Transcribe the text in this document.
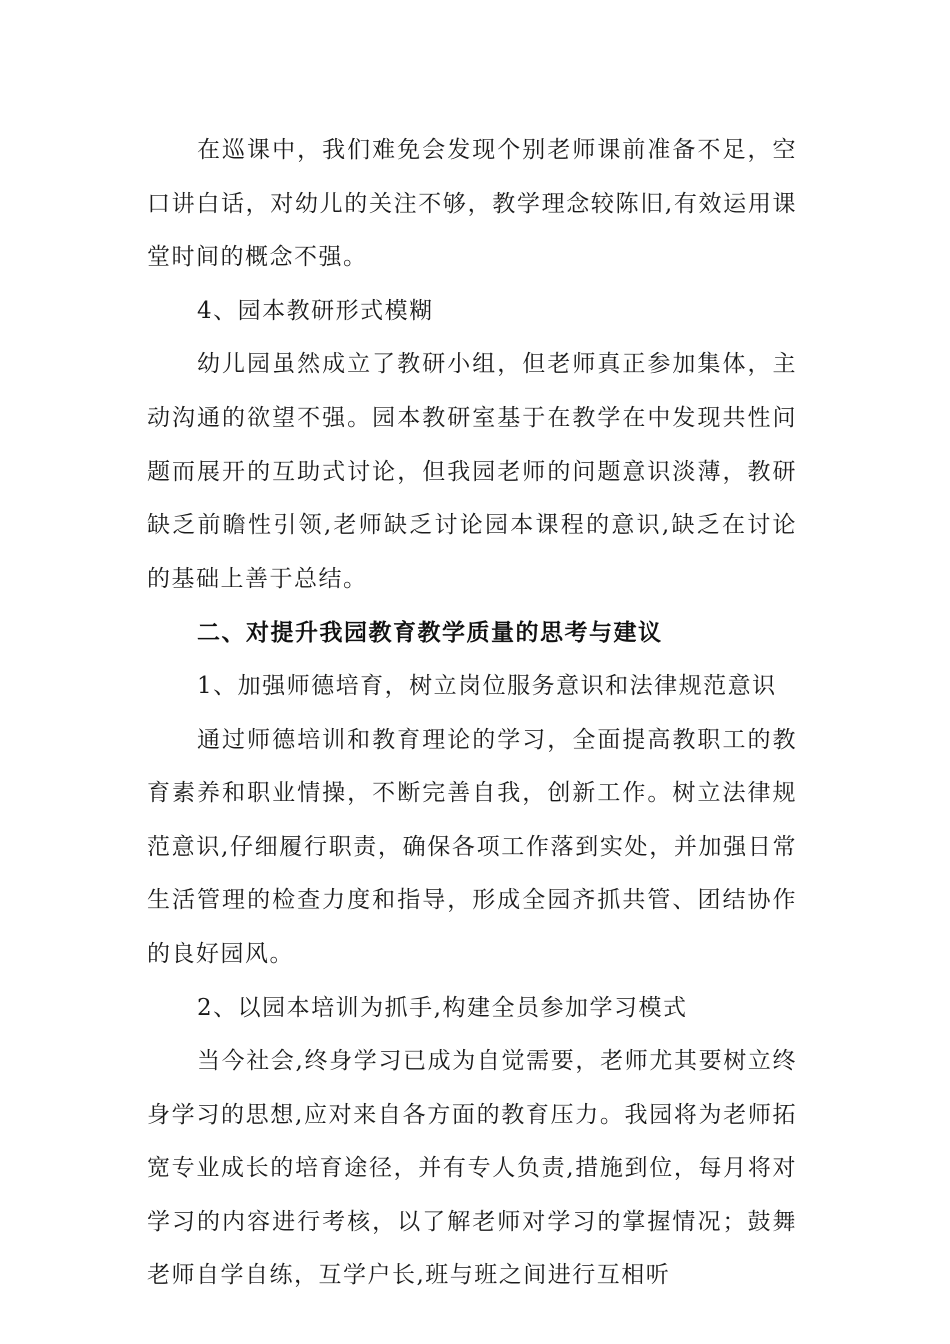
在巡课中，我们难免会发现个别老师课前准备不足，空口讲白话，对幼儿的关注不够，教学理念较陈旧,有效运用课堂时间的概念不强。

4、园本教研形式模糊

幼儿园虽然成立了教研小组，但老师真正参加集体，主动沟通的欲望不强。园本教研室基于在教学在中发现共性问题而展开的互助式讨论，但我园老师的问题意识淡薄，教研缺乏前瞻性引领,老师缺乏讨论园本课程的意识,缺乏在讨论的基础上善于总结。

二、对提升我园教育教学质量的思考与建议

1、加强师德培育，树立岗位服务意识和法律规范意识

通过师德培训和教育理论的学习，全面提高教职工的教育素养和职业情操，不断完善自我，创新工作。树立法律规范意识,仔细履行职责，确保各项工作落到实处，并加强日常生活管理的检查力度和指导，形成全园齐抓共管、团结协作的良好园风。

2、以园本培训为抓手,构建全员参加学习模式

当今社会,终身学习已成为自觉需要，老师尤其要树立终身学习的思想,应对来自各方面的教育压力。我园将为老师拓宽专业成长的培育途径，并有专人负责,措施到位，每月将对学习的内容进行考核，以了解老师对学习的掌握情况；鼓舞老师自学自练，互学户长,班与班之间进行互相听
